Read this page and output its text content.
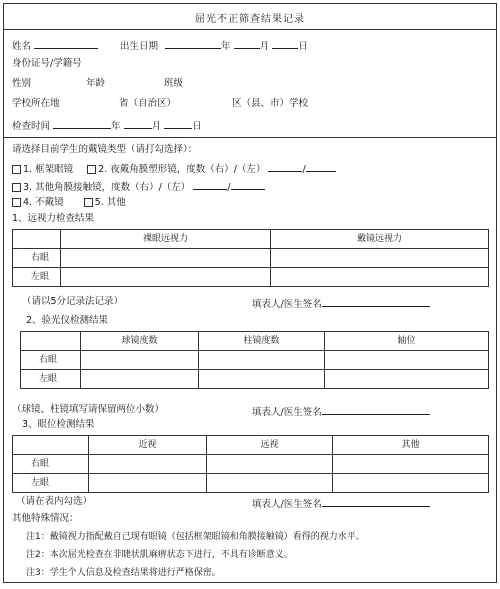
屈光不正筛查结果记录
姓名	出生日期	年	月	日
身份证号/学籍号
性别	年龄	班级
学校所在地	省（自治区）	区（县、市）学校
检查时间	年	月	日
请选择目前学生的戴镜类型（请打勾选择）：
1. 框架眼镜	2. 夜戴角膜塑形镜，度数（右）/（左）	/
3. 其他角膜接触镜，度数（右）/（左）	/
4. 不戴镜	5. 其他
1、远视力检查结果
	裸眼远视力	戴镜远视力
右眼		
左眼		
（请以5分记录法记录）	填表人/医生签名
2、验光仪检测结果
	球镜度数	柱镜度数	轴位
右眼			
左眼			
（球镜、柱镜填写请保留两位小数）	填表人/医生签名
3、眼位检测结果
	近视	远视	其他
右眼			
左眼			
（请在表内勾选）	填表人/医生签名
其他特殊情况：
注1：戴镜视力指配戴自己现有眼镜（包括框架眼镜和角膜接触镜）看得的视力水平。
注2：本次屈光检查在非睫状肌麻痹状态下进行，不具有诊断意义。
注3：学生个人信息及检查结果将进行严格保密。
